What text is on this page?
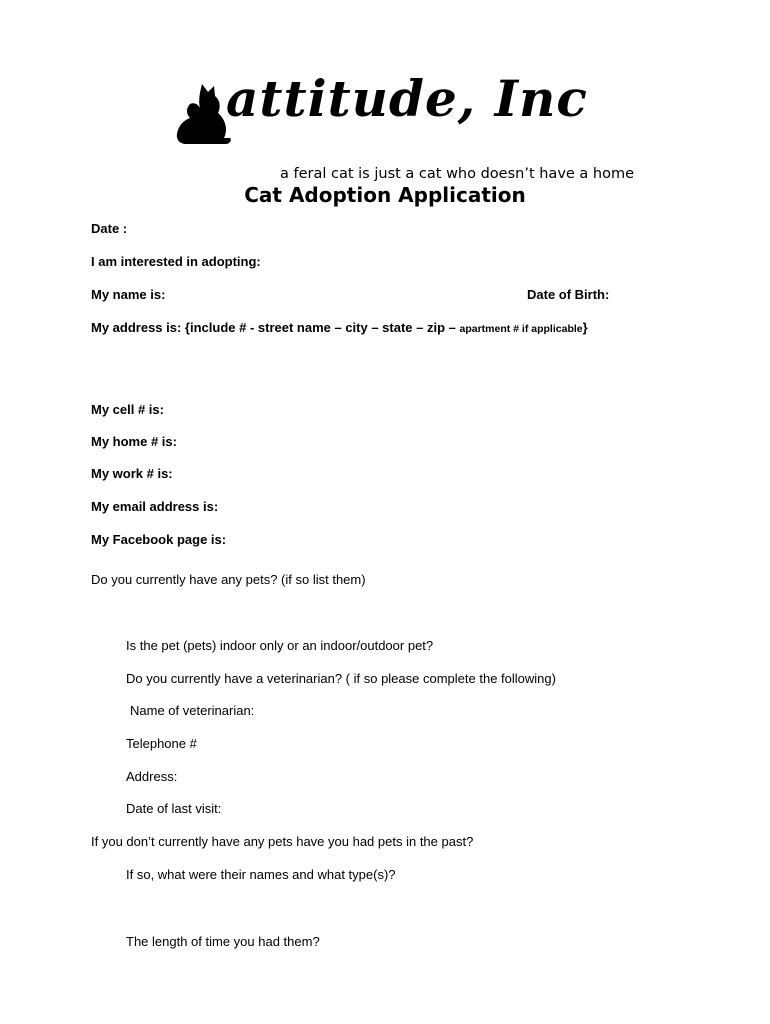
attitude, Inc
a feral cat is just a cat who doesn’t have a home
Cat Adoption Application
Date :
I am interested in adopting:
My name is:	Date of Birth:
My address is: {include # - street name – city – state – zip – apartment # if applicable}
My cell # is:
My home # is:
My work # is:
My email address is:
My Facebook page is:
Do you currently have any pets? (if so list them)
Is the pet (pets) indoor only or an indoor/outdoor pet?
Do you currently have a veterinarian? ( if so please complete the following)
Name of veterinarian:
Telephone #
Address:
Date of last visit:
If you don’t currently have any pets have you had pets in the past?
If so, what were their names and what type(s)?
The length of time you had them?
